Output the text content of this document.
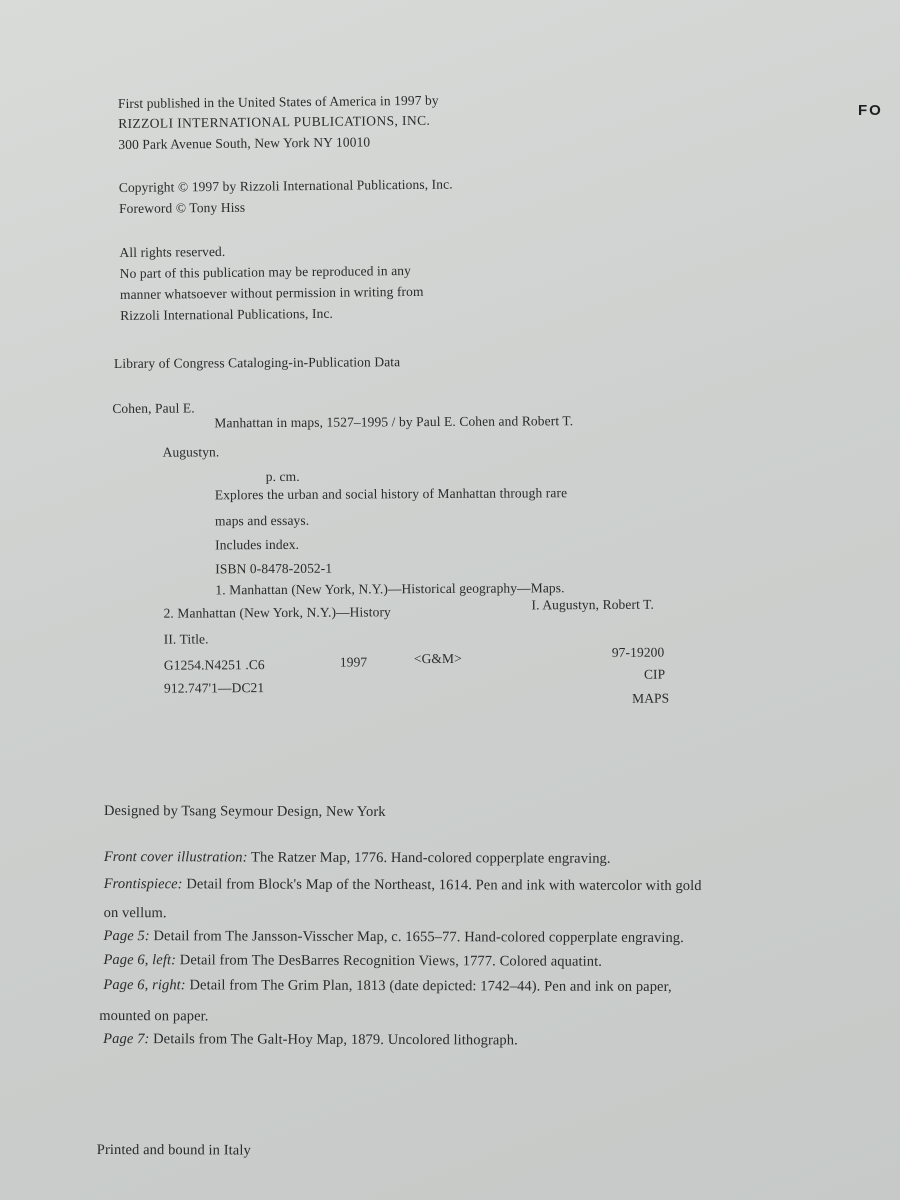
FO
First published in the United States of America in 1997 by
RIZZOLI INTERNATIONAL PUBLICATIONS, INC.
300 Park Avenue South, New York NY 10010
Copyright © 1997 by Rizzoli International Publications, Inc.
Foreword © Tony Hiss
All rights reserved.
No part of this publication may be reproduced in any
manner whatsoever without permission in writing from
Rizzoli International Publications, Inc.
Library of Congress Cataloging-in-Publication Data
Cohen, Paul E.
Manhattan in maps, 1527–1995 / by Paul E. Cohen and Robert T.
Augustyn.
p. cm.
Explores the urban and social history of Manhattan through rare
maps and essays.
Includes index.
ISBN 0-8478-2052-1
1. Manhattan (New York, N.Y.)—Historical geography—Maps.
2. Manhattan (New York, N.Y.)—History	I. Augustyn, Robert T.
II. Title.
G1254.N4251 .C6	1997	<G&M>	97-19200
912.747'1—DC21
CIP
MAPS
Designed by Tsang Seymour Design, New York
Front cover illustration: The Ratzer Map, 1776. Hand-colored copperplate engraving.
Frontispiece: Detail from Block's Map of the Northeast, 1614. Pen and ink with watercolor with gold
on vellum.
Page 5: Detail from The Jansson-Visscher Map, c. 1655–77. Hand-colored copperplate engraving.
Page 6, left: Detail from The DesBarres Recognition Views, 1777. Colored aquatint.
Page 6, right: Detail from The Grim Plan, 1813 (date depicted: 1742–44). Pen and ink on paper,
mounted on paper.
Page 7: Details from The Galt-Hoy Map, 1879. Uncolored lithograph.
Printed and bound in Italy
